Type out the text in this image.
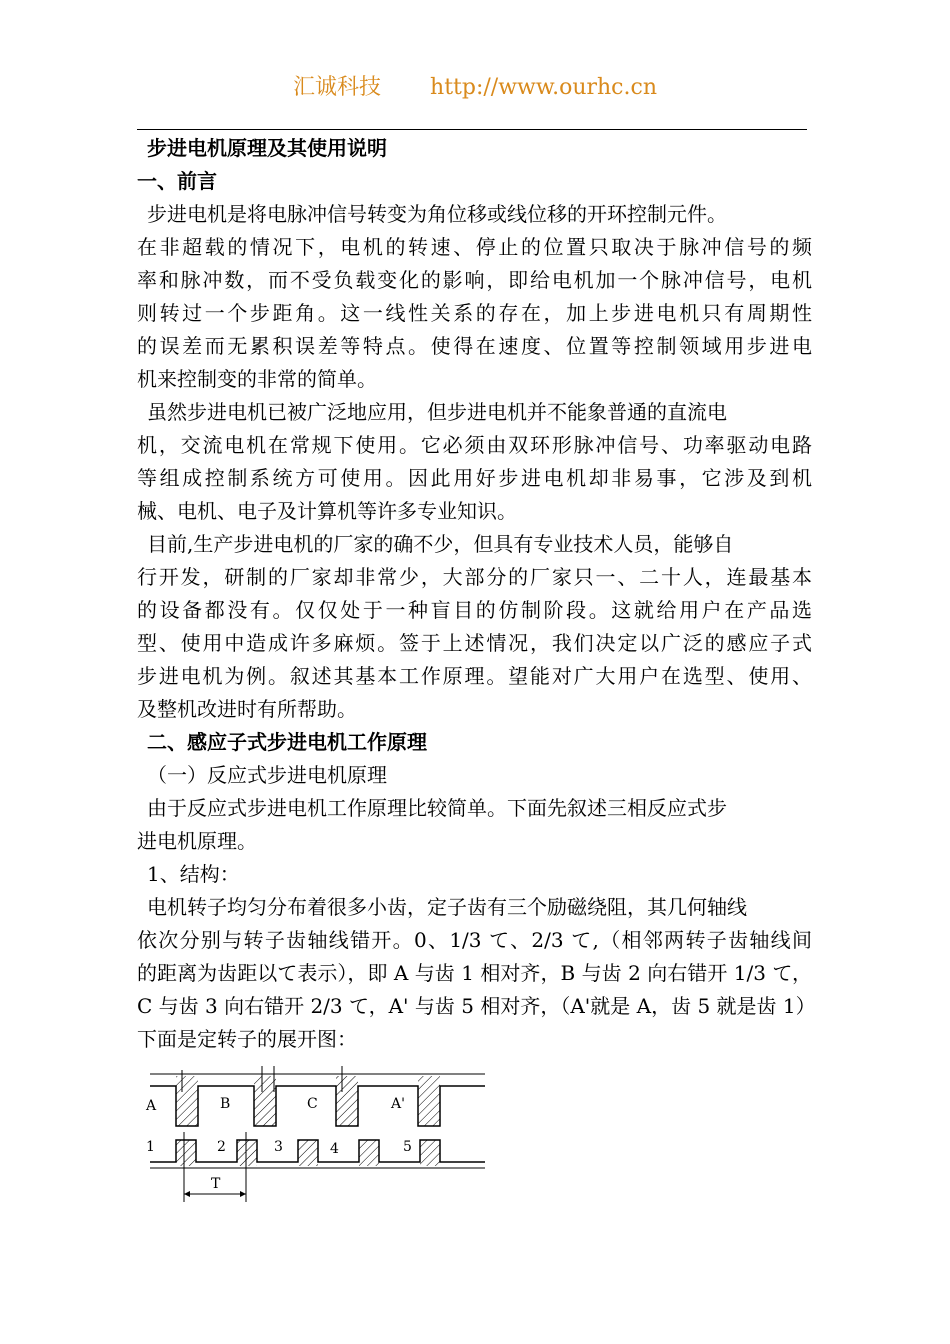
汇诚科技 http://www.ourhc.cn
步进电机原理及其使用说明
一、前言
步进电机是将电脉冲信号转变为角位移或线位移的开环控制元件。
在非超载的情况下，电机的转速、停止的位置只取决于脉冲信号的频
率和脉冲数，而不受负载变化的影响，即给电机加一个脉冲信号，电机
则转过一个步距角。这一线性关系的存在，加上步进电机只有周期性
的误差而无累积误差等特点。使得在速度、位置等控制领域用步进电
机来控制变的非常的简单。
虽然步进电机已被广泛地应用，但步进电机并不能象普通的直流电
机，交流电机在常规下使用。它必须由双环形脉冲信号、功率驱动电路
等组成控制系统方可使用。因此用好步进电机却非易事，它涉及到机
械、电机、电子及计算机等许多专业知识。
目前,生产步进电机的厂家的确不少，但具有专业技术人员，能够自
行开发，研制的厂家却非常少，大部分的厂家只一、二十人，连最基本
的设备都没有。仅仅处于一种盲目的仿制阶段。这就给用户在产品选
型、使用中造成许多麻烦。签于上述情况，我们决定以广泛的感应子式
步进电机为例。叙述其基本工作原理。望能对广大用户在选型、使用、
及整机改进时有所帮助。
二、感应子式步进电机工作原理
（一）反应式步进电机原理
由于反应式步进电机工作原理比较简单。下面先叙述三相反应式步
进电机原理。
1、结构：
电机转子均匀分布着很多小齿，定子齿有三个励磁绕阻，其几何轴线
依次分别与转子齿轴线错开。0、1/3 て、2/3 て,（相邻两转子齿轴线间
的距离为齿距以て表示），即 A 与齿 1 相对齐，B 与齿 2 向右错开 1/3 て，
C 与齿 3 向右错开 2/3 て，A' 与齿 5 相对齐，（A'就是 A，齿 5 就是齿 1）
下面是定转子的展开图：
A	B	C	A'
1	2	3	4	5
T
